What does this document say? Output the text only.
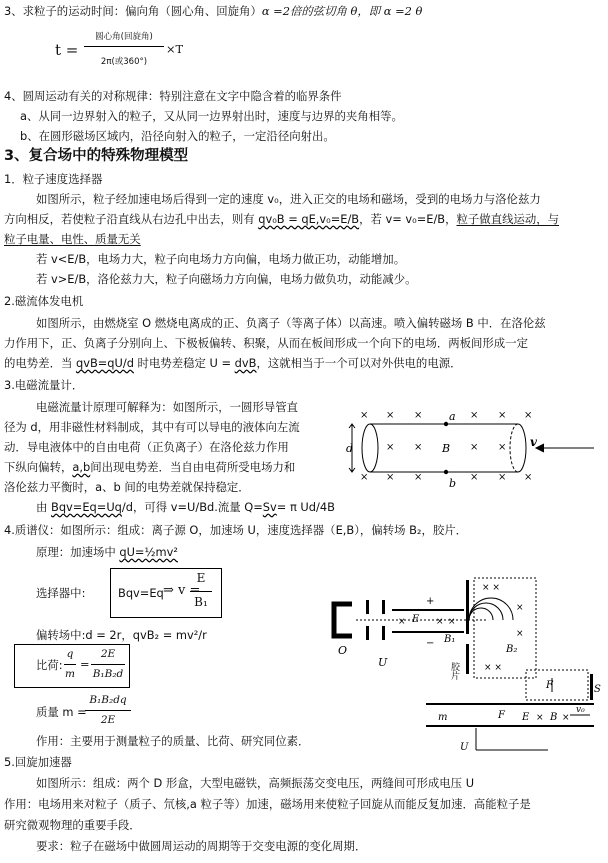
3、求粒子的运动时间：偏向角（圆心角、回旋角）α =2倍的弦切角 θ，即 α =2 θ
t =
圆心角(回旋角)
2π(或360°)
×T
4、圆周运动有关的对称规律：特别注意在文字中隐含着的临界条件
a、从同一边界射入的粒子，又从同一边界射出时，速度与边界的夹角相等。
b、在圆形磁场区域内，沿径向射入的粒子，一定沿径向射出。
3、复合场中的特殊物理模型
1．粒子速度选择器
如图所示，粒子经加速电场后得到一定的速度 v₀，进入正交的电场和磁场，受到的电场力与洛伦兹力
方向相反，若使粒子沿直线从右边孔中出去，则有 qv₀B = qE,v₀=E/B，若 v= v₀=E/B，粒子做直线运动，与
粒子电量、电性、质量无关
若 v<E/B，电场力大，粒子向电场力方向偏，电场力做正功，动能增加。
若 v>E/B，洛伦兹力大，粒子向磁场力方向偏，电场力做负功，动能减少。
2.磁流体发电机
如图所示，由燃烧室 O 燃烧电离成的正、负离子（等离子体）以高速。喷入偏转磁场 B 中．在洛伦兹
力作用下，正、负离子分别向上、下极板偏转、积聚，从而在板间形成一个向下的电场．两板间形成一定
的电势差．当 qvB=qU/d 时电势差稳定 U = dvB，这就相当于一个可以对外供电的电源．
3.电磁流量计．
电磁流量计原理可解释为：如图所示，一圆形导管直
径为 d，用非磁性材料制成，其中有可以导电的液体向左流
动．导电液体中的自由电荷（正负离子）在洛伦兹力作用
下纵向偏转，a,b间出现电势差．当自由电荷所受电场力和
洛伦兹力平衡时，a、b 间的电势差就保持稳定．
由 Bqv=Eq=Uq/d，可得 v=U/Bd.流量 Q=Sv= π Ud/4B
× × ×	× × ×
× ×	× ×
× × ×	× × ×
a
b
B
d	v
4.质谱仪：如图所示：组成：离子源 O，加速场 U，速度选择器（E,B），偏转场 B₂，胶片．
原理：加速场中 qU=½mv²
选择器中:	Bqv=Eq ⇒ v =
E
B₁
偏转场中:d = 2r，qvB₂ = mv²/r
比荷:
q
m
=
2E
B₁B₂d
质量 m =
B₁B₂dq
2E
作用：主要用于测量粒子的质量、比荷、研究同位素．
O
U
+
−
E
×	× ×
B₁
胶片
× ×
×
×
× ×
B₂
F	S
m	F E × B ×
v₀
U
5.回旋加速器
如图所示：组成：两个 D 形盒，大型电磁铁，高频振荡交变电压，两缝间可形成电压 U
作用：电场用来对粒子（质子、氘核,a 粒子等）加速，磁场用来使粒子回旋从而能反复加速．高能粒子是
研究微观物理的重要手段．
要求：粒子在磁场中做圆周运动的周期等于交变电源的变化周期．
